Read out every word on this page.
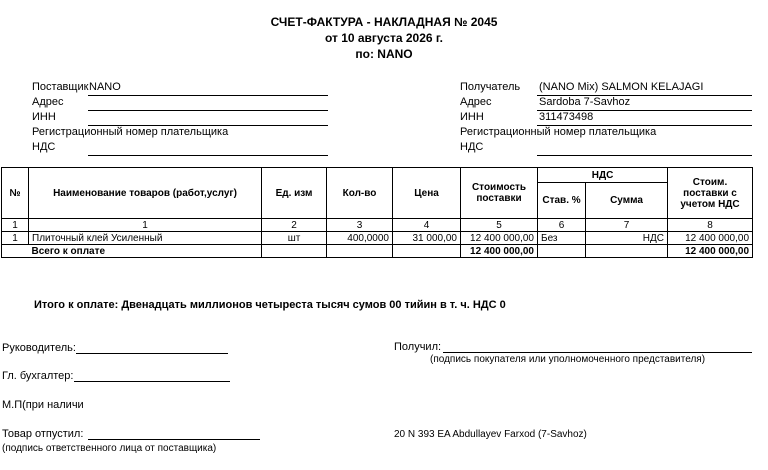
СЧЕТ-ФАКТУРА - НАКЛАДНАЯ № 2045
от 10 августа 2026 г.
по: NANO
Поставщик NANO
Адрес
ИНН
Регистрационный номер плательщика
НДС
Получатель (NANO Mix) SALMON KELAJAGI
Адрес	Sardoba 7-Savhoz
ИНН	311473498
Регистрационный номер плательщика
НДС
№	Наименование товаров (работ,услуг)	Ед. изм	Кол-во	Цена	Стоимость поставки	НДС		Стоим. поставки с учетом НДС
						Став. %	Сумма	
1	1	2	3	4	5	6	7	8
1	Плиточный клей Усиленный	шт	400,0000	31 000,00	12 400 000,00	Без	НДС	12 400 000,00
	Всего к оплате				12 400 000,00			12 400 000,00
Итого к оплате: Двенадцать миллионов четыреста тысяч сумов 00 тийин в т. ч. НДС 0
Руководитель:
Гл. бухгалтер:
М.П(при наличи
Товар отпустил:
(подпись ответственного лица от поставщика)
Получил:
(подпись покупателя или уполномоченного представителя)
20 N 393 EA Abdullayev Farxod (7-Savhoz)
